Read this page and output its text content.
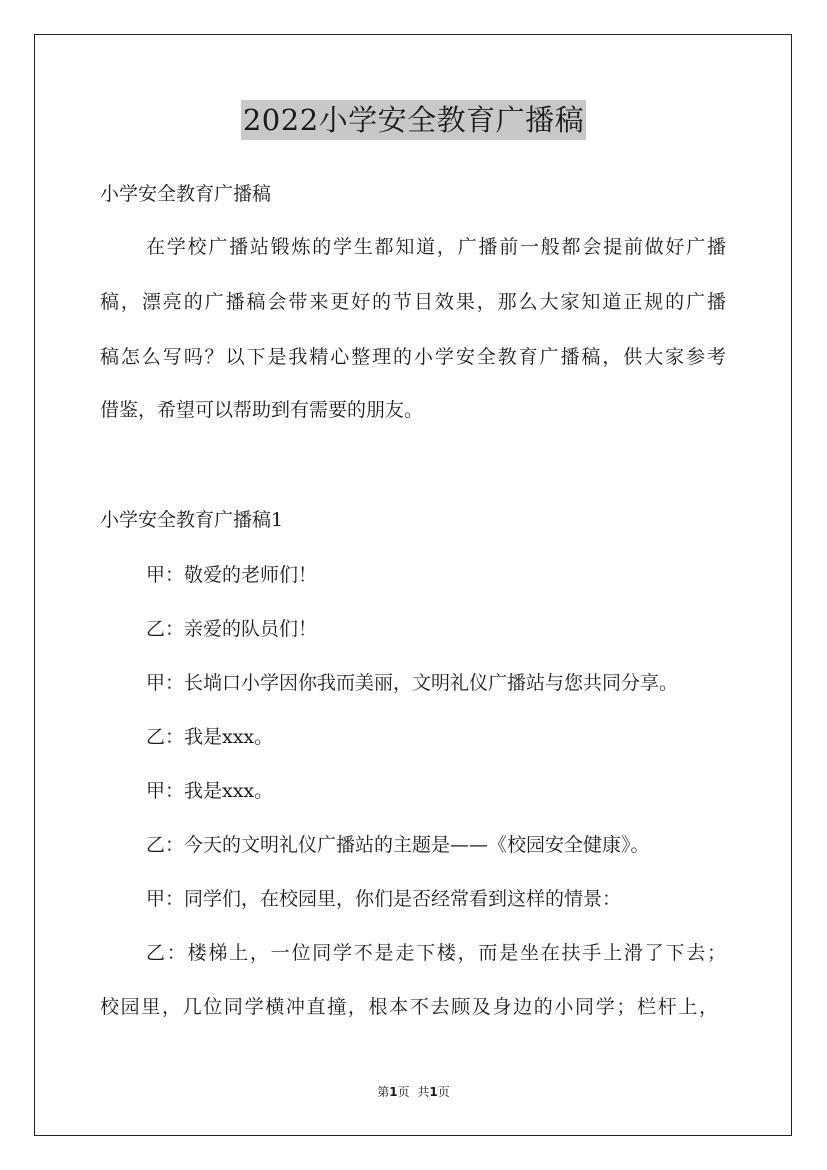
2022小学安全教育广播稿
小学安全教育广播稿
在学校广播站锻炼的学生都知道，广播前一般都会提前做好广播
稿，漂亮的广播稿会带来更好的节目效果，那么大家知道正规的广播
稿怎么写吗？以下是我精心整理的小学安全教育广播稿，供大家参考
借鉴，希望可以帮助到有需要的朋友。
小学安全教育广播稿1
甲：敬爱的老师们！
乙：亲爱的队员们！
甲：长埫口小学因你我而美丽，文明礼仪广播站与您共同分享。
乙：我是xxx。
甲：我是xxx。
乙：今天的文明礼仪广播站的主题是——《校园安全健康》。
甲：同学们，在校园里，你们是否经常看到这样的情景：
乙：楼梯上，一位同学不是走下楼，而是坐在扶手上滑了下去；
校园里，几位同学横冲直撞，根本不去顾及身边的小同学；栏杆上，
第1页 共1页
